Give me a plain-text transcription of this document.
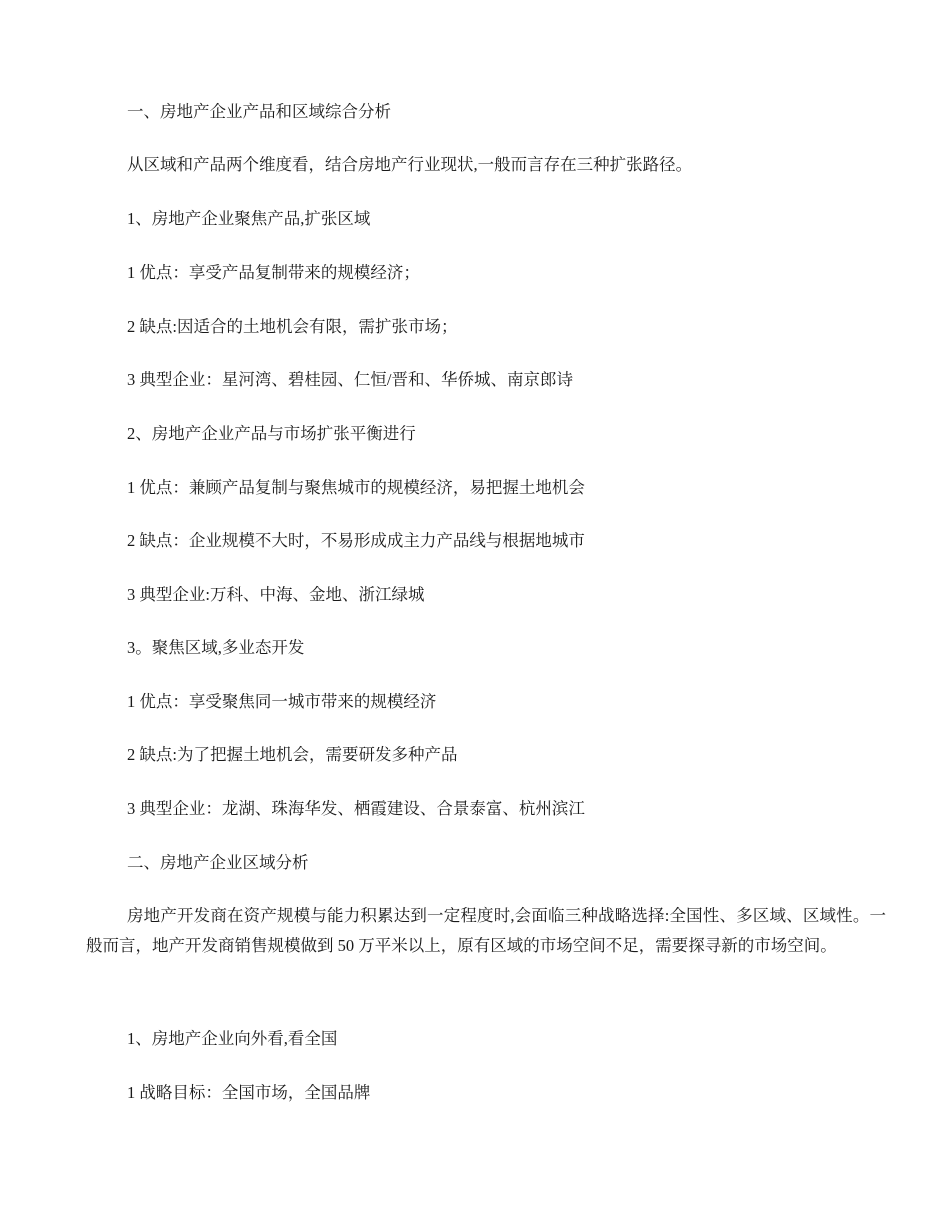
一、房地产企业产品和区域综合分析

从区域和产品两个维度看，结合房地产行业现状,一般而言存在三种扩张路径。

1、房地产企业聚焦产品,扩张区域

1 优点：享受产品复制带来的规模经济；

2 缺点:因适合的土地机会有限，需扩张市场；

3 典型企业：星河湾、碧桂园、仁恒/晋和、华侨城、南京郎诗

2、房地产企业产品与市场扩张平衡进行

1 优点：兼顾产品复制与聚焦城市的规模经济，易把握土地机会

2 缺点：企业规模不大时，不易形成成主力产品线与根据地城市

3 典型企业:万科、中海、金地、浙江绿城

3。聚焦区域,多业态开发

1 优点：享受聚焦同一城市带来的规模经济

2 缺点:为了把握土地机会，需要研发多种产品

3 典型企业：龙湖、珠海华发、栖霞建设、合景泰富、杭州滨江

二、房地产企业区域分析

房地产开发商在资产规模与能力积累达到一定程度时,会面临三种战略选择:全国性、多区域、区域性。一般而言，地产开发商销售规模做到 50 万平米以上，原有区域的市场空间不足，需要探寻新的市场空间。

1、房地产企业向外看,看全国

1 战略目标：全国市场，全国品牌
